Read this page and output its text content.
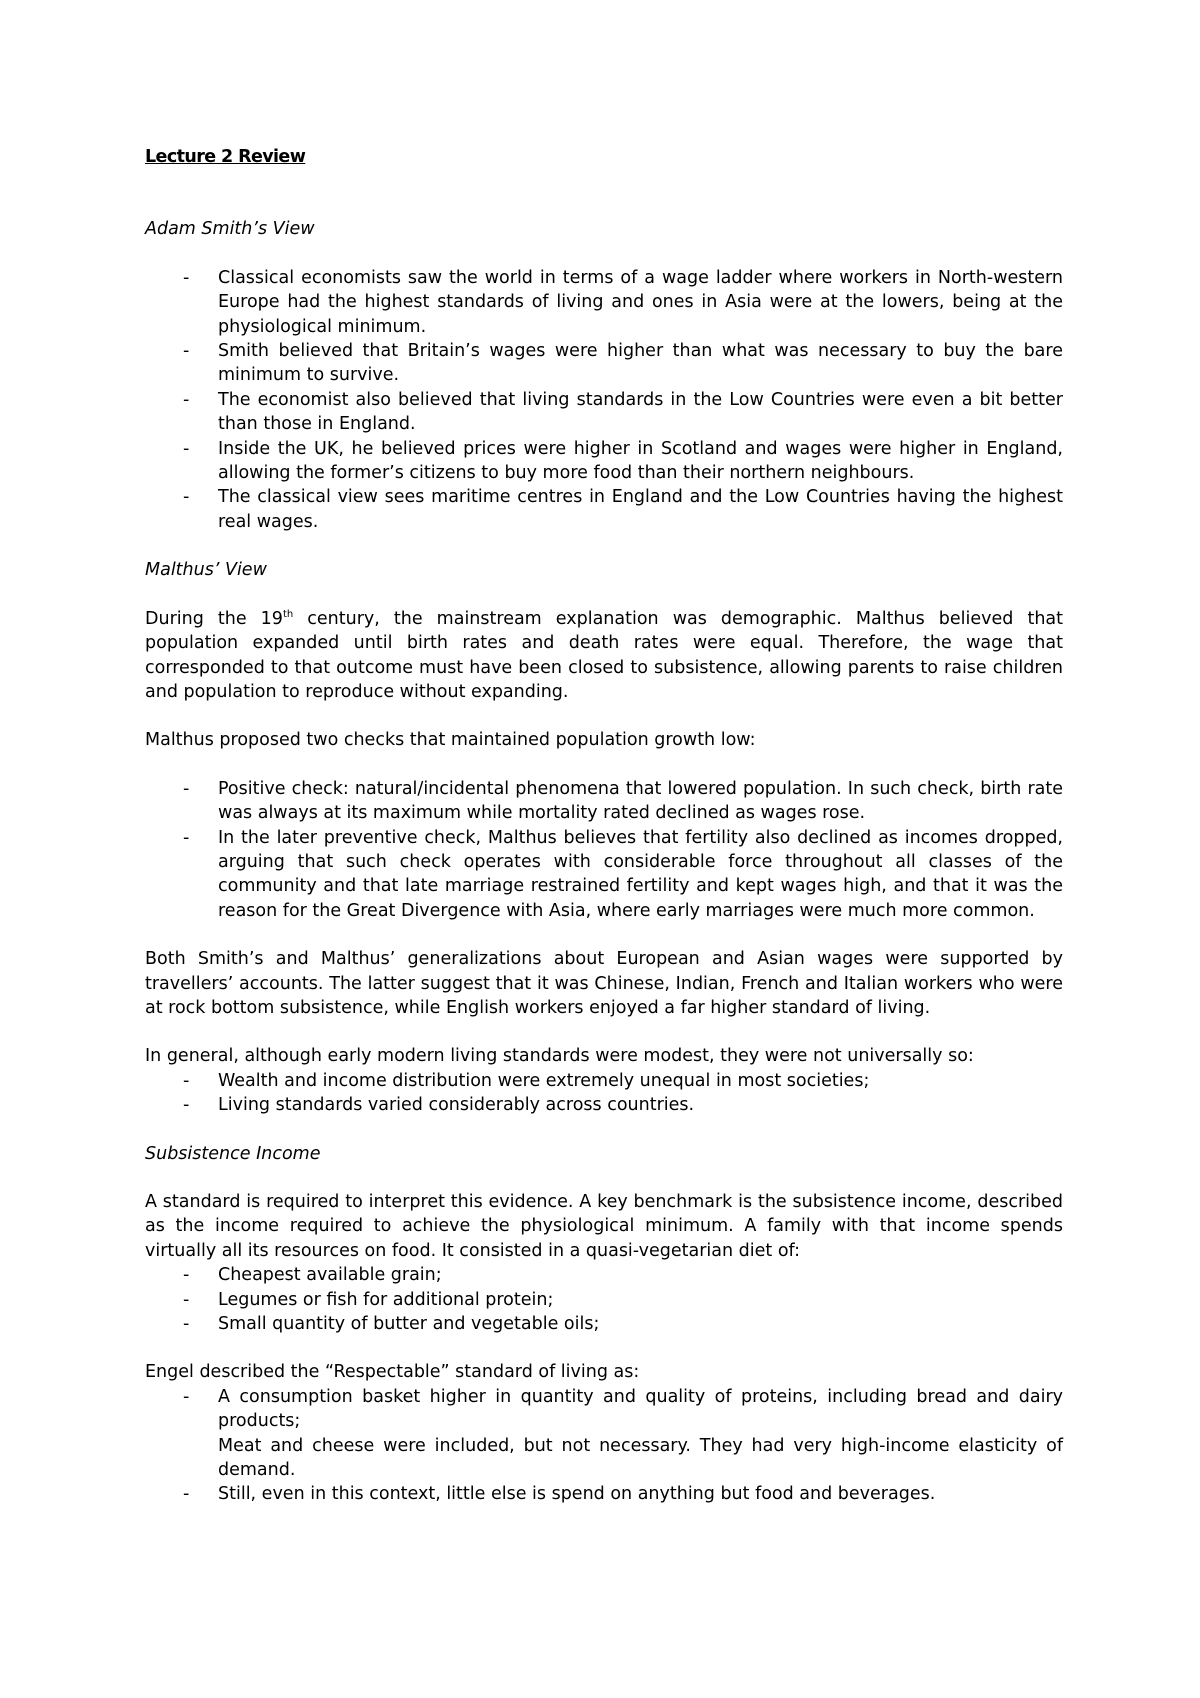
Lecture 2 Review
Adam Smith’s View
- Classical economists saw the world in terms of a wage ladder where workers in North-western Europe had the highest standards of living and ones in Asia were at the lowers, being at the physiological minimum.
- Smith believed that Britain’s wages were higher than what was necessary to buy the bare minimum to survive.
- The economist also believed that living standards in the Low Countries were even a bit better than those in England.
- Inside the UK, he believed prices were higher in Scotland and wages were higher in England, allowing the former’s citizens to buy more food than their northern neighbours.
- The classical view sees maritime centres in England and the Low Countries having the highest real wages.
Malthus’ View

During the 19th century, the mainstream explanation was demographic. Malthus believed that population expanded until birth rates and death rates were equal. Therefore, the wage that corresponded to that outcome must have been closed to subsistence, allowing parents to raise children and population to reproduce without expanding.

Malthus proposed two checks that maintained population growth low:

- Positive check: natural/incidental phenomena that lowered population. In such check, birth rate was always at its maximum while mortality rated declined as wages rose.
- In the later preventive check, Malthus believes that fertility also declined as incomes dropped, arguing that such check operates with considerable force throughout all classes of the community and that late marriage restrained fertility and kept wages high, and that it was the reason for the Great Divergence with Asia, where early marriages were much more common.

Both Smith’s and Malthus’ generalizations about European and Asian wages were supported by travellers’ accounts. The latter suggest that it was Chinese, Indian, French and Italian workers who were at rock bottom subsistence, while English workers enjoyed a far higher standard of living.

In general, although early modern living standards were modest, they were not universally so:

- Wealth and income distribution were extremely unequal in most societies;
- Living standards varied considerably across countries.
Subsistence Income

A standard is required to interpret this evidence. A key benchmark is the subsistence income, described as the income required to achieve the physiological minimum. A family with that income spends virtually all its resources on food. It consisted in a quasi-vegetarian diet of:

- Cheapest available grain;
- Legumes or fish for additional protein;
- Small quantity of butter and vegetable oils;

Engel described the “Respectable” standard of living as:

- A consumption basket higher in quantity and quality of proteins, including bread and dairy products;
Meat and cheese were included, but not necessary. They had very high-income elasticity of demand.
- Still, even in this context, little else is spend on anything but food and beverages.
